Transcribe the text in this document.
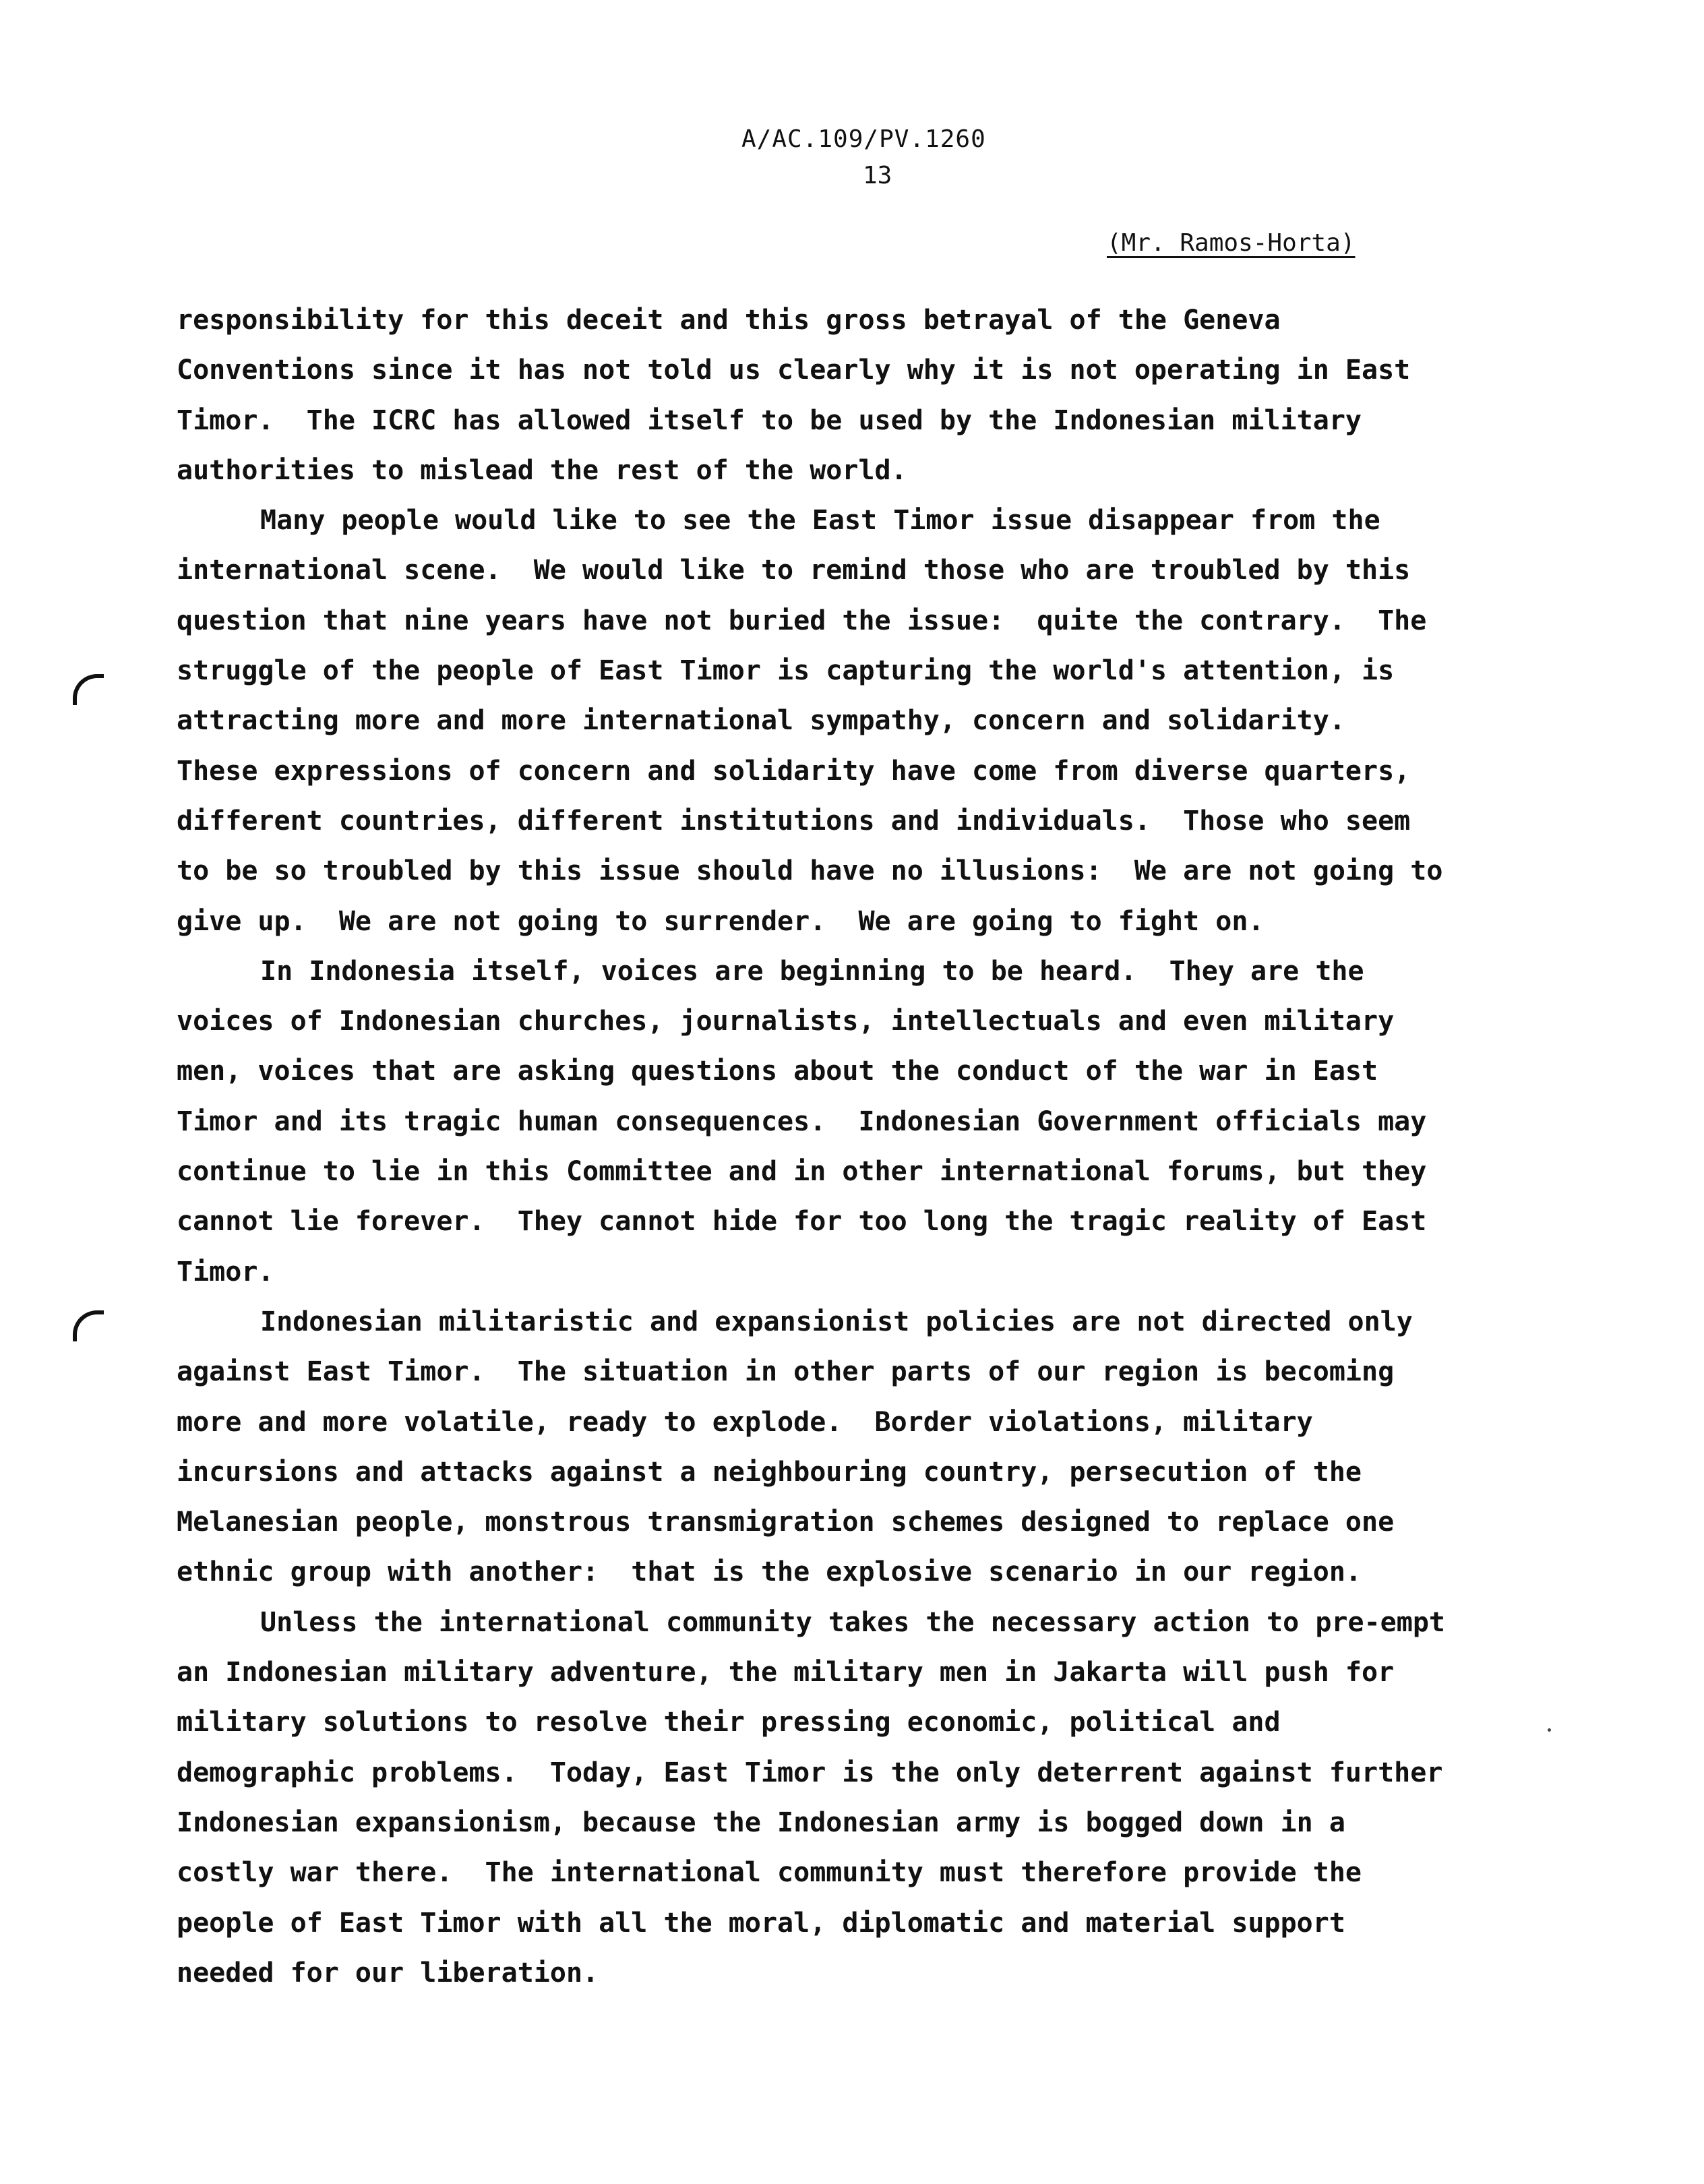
A/AC.109/PV.1260
13
(Mr. Ramos-Horta)

responsibility for this deceit and this gross betrayal of the Geneva

Conventions since it has not told us clearly why it is not operating in East

Timor.  The ICRC has allowed itself to be used by the Indonesian military

authorities to mislead the rest of the world.

Many people would like to see the East Timor issue disappear from the

international scene.  We would like to remind those who are troubled by this

question that nine years have not buried the issue:  quite the contrary.  The

struggle of the people of East Timor is capturing the world's attention, is

attracting more and more international sympathy, concern and solidarity.

These expressions of concern and solidarity have come from diverse quarters,

different countries, different institutions and individuals.  Those who seem

to be so troubled by this issue should have no illusions:  We are not going to

give up.  We are not going to surrender.  We are going to fight on.

In Indonesia itself, voices are beginning to be heard.  They are the

voices of Indonesian churches, journalists, intellectuals and even military

men, voices that are asking questions about the conduct of the war in East

Timor and its tragic human consequences.  Indonesian Government officials may

continue to lie in this Committee and in other international forums, but they

cannot lie forever.  They cannot hide for too long the tragic reality of East

Timor.

Indonesian militaristic and expansionist policies are not directed only

against East Timor.  The situation in other parts of our region is becoming

more and more volatile, ready to explode.  Border violations, military

incursions and attacks against a neighbouring country, persecution of the

Melanesian people, monstrous transmigration schemes designed to replace one

ethnic group with another:  that is the explosive scenario in our region.

Unless the international community takes the necessary action to pre-empt

an Indonesian military adventure, the military men in Jakarta will push for

military solutions to resolve their pressing economic, political and

demographic problems.  Today, East Timor is the only deterrent against further

Indonesian expansionism, because the Indonesian army is bogged down in a

costly war there.  The international community must therefore provide the

people of East Timor with all the moral, diplomatic and material support

needed for our liberation.
